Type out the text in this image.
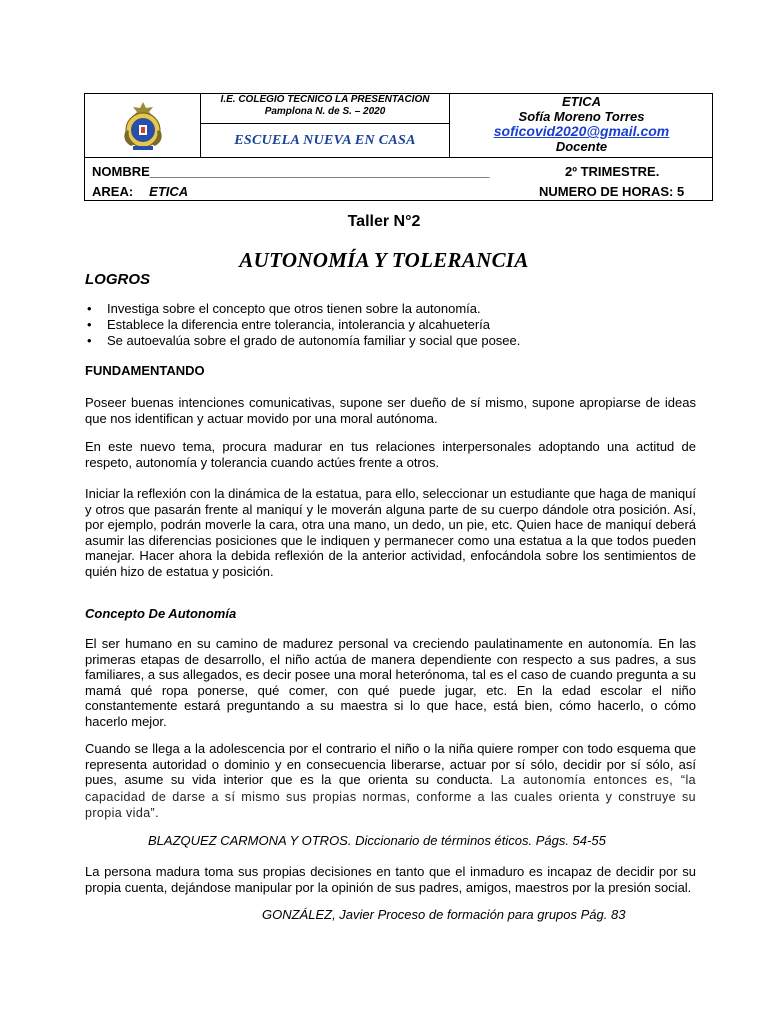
I.E. COLEGIO TECNICO LA PRESENTACION
Pamplona N. de S. – 2020
ESCUELA NUEVA EN CASA
ETICA
Sofía Moreno Torres
soficovid2020@gmail.com
Docente
NOMBRE_______________________________________________	2º TRIMESTRE.
AREA: ETICA	NUMERO DE HORAS: 5
Taller N°2
AUTONOMÍA Y TOLERANCIA
LOGROS
• Investiga sobre el concepto que otros tienen sobre la autonomía.
• Establece la diferencia entre tolerancia, intolerancia y alcahuetería
• Se autoevalúa sobre el grado de autonomía familiar y social que posee.
FUNDAMENTANDO
Poseer buenas intenciones comunicativas, supone ser dueño de sí mismo, supone apropiarse de ideas que nos identifican y actuar movido por una moral autónoma.
En este nuevo tema, procura madurar en tus relaciones interpersonales adoptando una actitud de respeto, autonomía y tolerancia cuando actúes frente a otros.
Iniciar la reflexión con la dinámica de la estatua, para ello, seleccionar un estudiante que haga de maniquí y otros que pasarán frente al maniquí y le moverán alguna parte de su cuerpo dándole otra posición. Así, por ejemplo, podrán moverle la cara, otra una mano, un dedo, un pie, etc. Quien hace de maniquí deberá asumir las diferencias posiciones que le indiquen y permanecer como una estatua a la que todos pueden manejar. Hacer ahora la debida reflexión de la anterior actividad, enfocándola sobre los sentimientos de quién hizo de estatua y posición.
Concepto De Autonomía
El ser humano en su camino de madurez personal va creciendo paulatinamente en autonomía. En las primeras etapas de desarrollo, el niño actúa de manera dependiente con respecto a sus padres, a sus familiares, a sus allegados, es decir posee una moral heterónoma, tal es el caso de cuando pregunta a su mamá qué ropa ponerse, qué comer, con qué puede jugar, etc. En la edad escolar el niño constantemente estará preguntando a su maestra si lo que hace, está bien, cómo hacerlo, o cómo hacerlo mejor.
Cuando se llega a la adolescencia por el contrario el niño o la niña quiere romper con todo esquema que representa autoridad o dominio y en consecuencia liberarse, actuar por sí sólo, decidir por sí sólo, así pues, asume su vida interior que es la que orienta su conducta. La autonomía entonces es, “la capacidad de darse a sí mismo sus propias normas, conforme a las cuales orienta y construye su propia vida”.
BLAZQUEZ CARMONA Y OTROS. Diccionario de términos éticos. Págs. 54-55
La persona madura toma sus propias decisiones en tanto que el inmaduro es incapaz de decidir por su propia cuenta, dejándose manipular por la opinión de sus padres, amigos, maestros por la presión social.
GONZÁLEZ, Javier Proceso de formación para grupos Pág. 83
